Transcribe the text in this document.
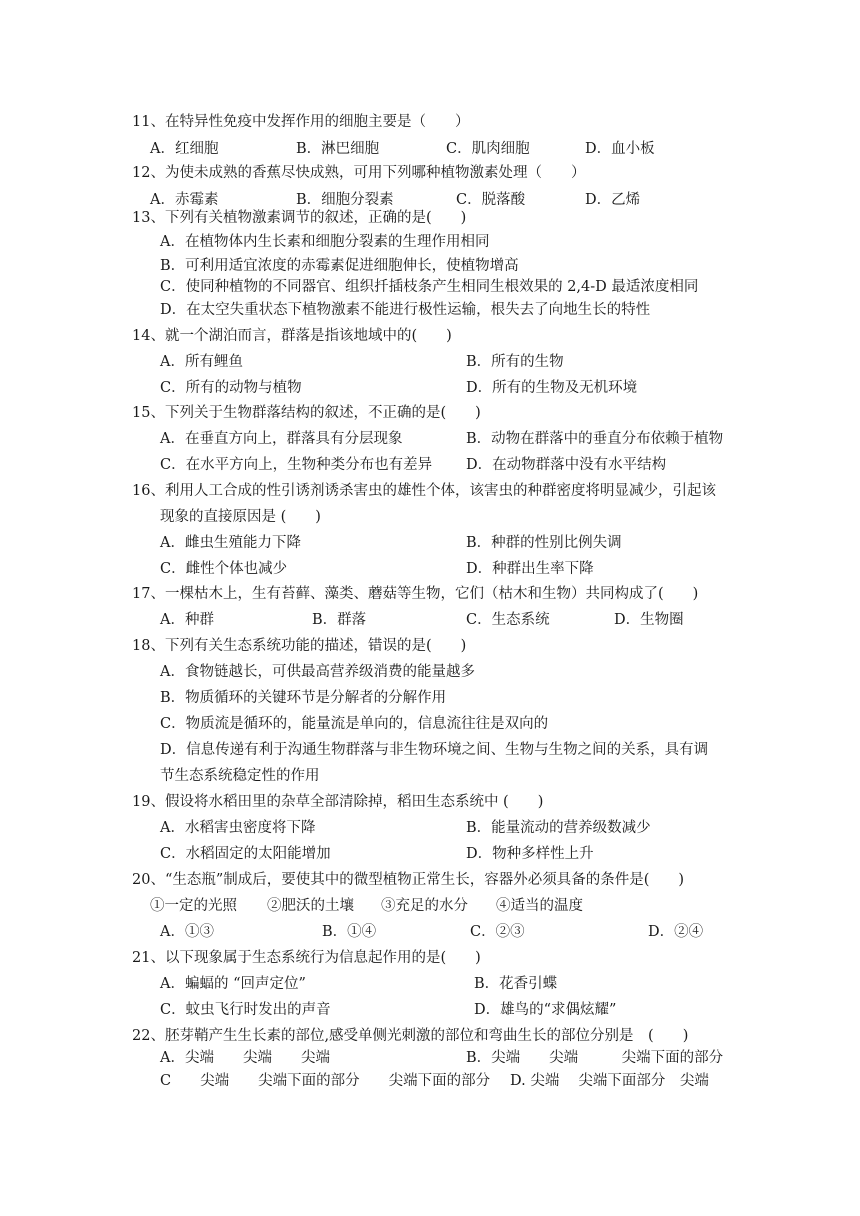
11、在特异性免疫中发挥作用的细胞主要是（　　）
A．红细胞	B．淋巴细胞	C．肌肉细胞	D．血小板
12、为使未成熟的香蕉尽快成熟，可用下列哪种植物激素处理（　　）
A．赤霉素	B．细胞分裂素	C．脱落酸	D．乙烯
13、下列有关植物激素调节的叙述，正确的是(　　)
A．在植物体内生长素和细胞分裂素的生理作用相同
B．可利用适宜浓度的赤霉素促进细胞伸长，使植物增高
C．使同种植物的不同器官、组织扦插枝条产生相同生根效果的 2,4-D 最适浓度相同
D．在太空失重状态下植物激素不能进行极性运输，根失去了向地生长的特性
14、就一个湖泊而言，群落是指该地域中的(　　)
A．所有鲤鱼	B．所有的生物
C．所有的动物与植物	D．所有的生物及无机环境
15、下列关于生物群落结构的叙述，不正确的是(　　)
A．在垂直方向上，群落具有分层现象	B．动物在群落中的垂直分布依赖于植物
C．在水平方向上，生物种类分布也有差异 D．在动物群落中没有水平结构
16、利用人工合成的性引诱剂诱杀害虫的雄性个体，该害虫的种群密度将明显减少，引起该
现象的直接原因是 (　　)
A．雌虫生殖能力下降	B．种群的性别比例失调
C．雌性个体也减少	D．种群出生率下降
17、一棵枯木上，生有苔藓、藻类、蘑菇等生物，它们（枯木和生物）共同构成了(　　)
A．种群	B．群落	C．生态系统	D．生物圈
18、下列有关生态系统功能的描述，错误的是(　　)
A．食物链越长，可供最高营养级消费的能量越多
B．物质循环的关键环节是分解者的分解作用
C．物质流是循环的，能量流是单向的，信息流往往是双向的
D．信息传递有利于沟通生物群落与非生物环境之间、生物与生物之间的关系，具有调
节生态系统稳定性的作用
19、假设将水稻田里的杂草全部清除掉，稻田生态系统中 (　　)
A．水稻害虫密度将下降	B．能量流动的营养级数减少
C．水稻固定的太阳能增加	D．物种多样性上升
20、“生态瓶”制成后，要使其中的微型植物正常生长，容器外必须具备的条件是(　　)
①一定的光照 ②肥沃的土壤 ③充足的水分 ④适当的温度
A．①③	B．①④	C．②③	D．②④
21、以下现象属于生态系统行为信息起作用的是(　　)
A．蝙蝠的 “回声定位”	B．花香引蝶
C．蚊虫飞行时发出的声音	D．雄鸟的“求偶炫耀”
22、胚芽鞘产生生长素的部位,感受单侧光刺激的部位和弯曲生长的部位分别是　(　　)
A．尖端　　尖端　　尖端	B．尖端　　尖端　　　尖端下面的部分
C　　尖端　　尖端下面的部分　　尖端下面的部分 D. 尖端　 尖端下面部分　尖端
